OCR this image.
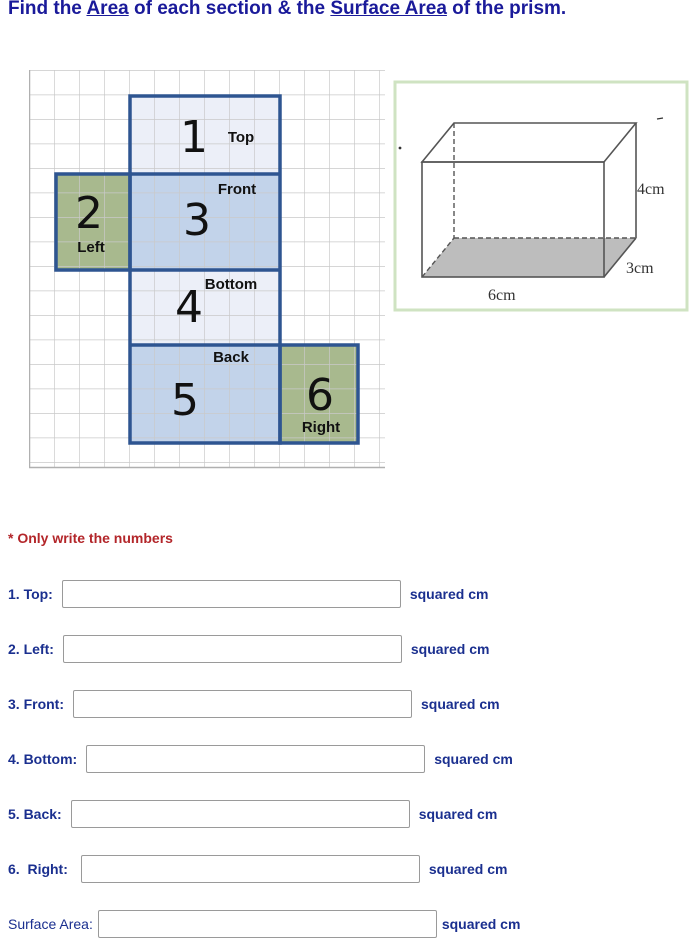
Find the Area of each section & the Surface Area of the prism.
1
2 3
4
5 6
Top
Left
Front
Bottom
Back
Right
6cm
4cm
3cm
* Only write the numbers
1. Top:	squared cm
2. Left:	squared cm
3. Front:	squared cm
4. Bottom:	squared cm
5. Back:	squared cm
6.  Right:	squared cm
Surface Area:	squared cm
